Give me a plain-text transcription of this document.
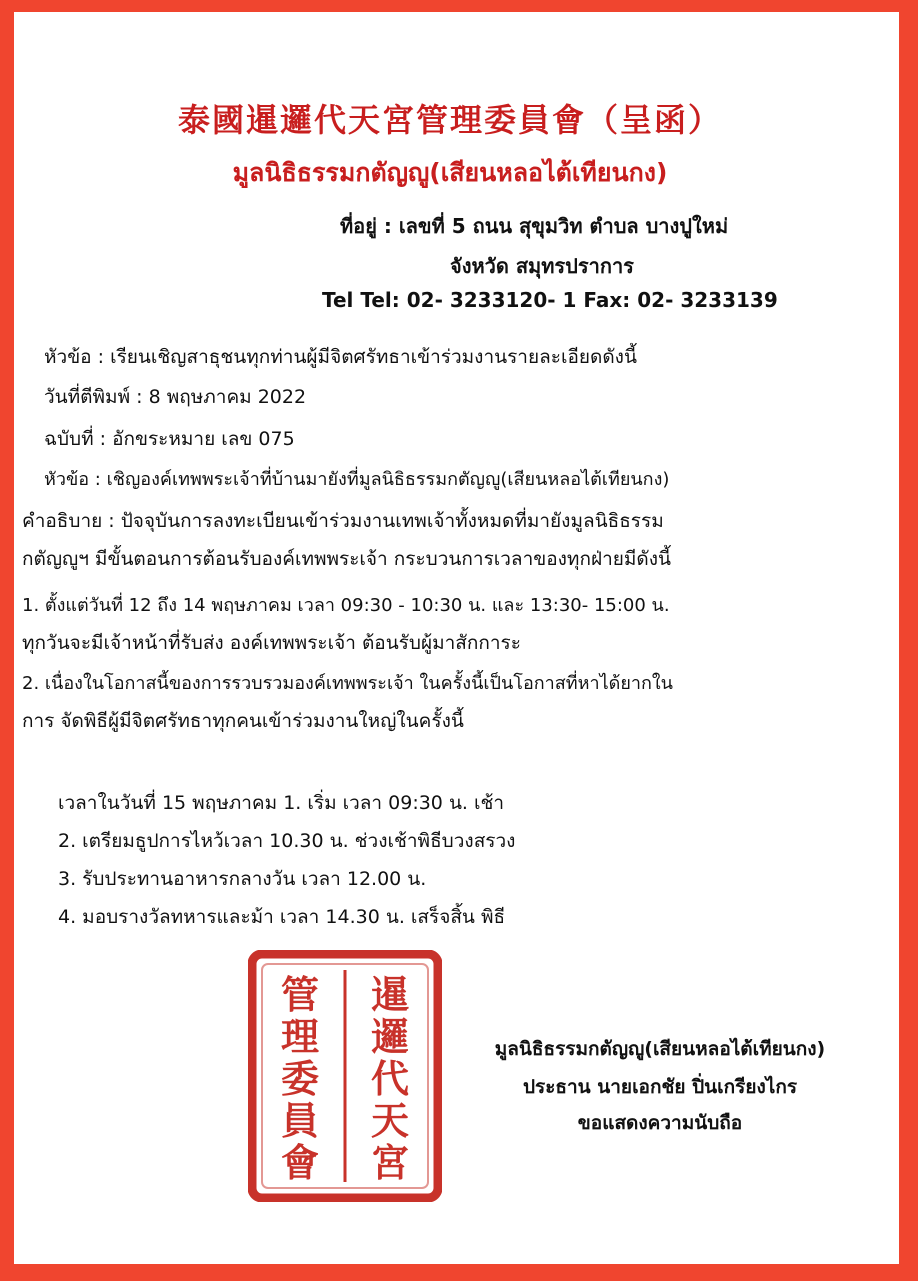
泰國暹邏代天宮管理委員會（呈函）
มูลนิธิธรรมกตัญญู(เสียนหลอไต้เทียนกง)
ที่อยู่ : เลขที่ 5 ถนน สุขุมวิท ตำบล บางปูใหม่
จังหวัด สมุทรปราการ
Tel Tel: 02- 3233120- 1 Fax: 02- 3233139
หัวข้อ : เรียนเชิญสาธุชนทุกท่านผู้มีจิตศรัทธาเข้าร่วมงานรายละเอียดดังนี้
วันที่ตีพิมพ์ : 8 พฤษภาคม 2022
ฉบับที่ : อักขระหมาย เลข 075
หัวข้อ : เชิญองค์เทพพระเจ้าที่บ้านมายังที่มูลนิธิธรรมกตัญญู(เสียนหลอไต้เทียนกง)
คำอธิบาย : ปัจจุบันการลงทะเบียนเข้าร่วมงานเทพเจ้าทั้งหมดที่มายังมูลนิธิธรรม
กตัญญูฯ มีขั้นตอนการต้อนรับองค์เทพพระเจ้า กระบวนการเวลาของทุกฝ่ายมีดังนี้
1. ตั้งแต่วันที่ 12 ถึง 14 พฤษภาคม เวลา 09:30 - 10:30 น. และ 13:30- 15:00 น.
ทุกวันจะมีเจ้าหน้าที่รับส่ง องค์เทพพระเจ้า ต้อนรับผู้มาสักการะ
2. เนื่องในโอกาสนี้ของการรวบรวมองค์เทพพระเจ้า ในครั้งนี้เป็นโอกาสที่หาได้ยากใน
การ จัดพิธีผู้มีจิตศรัทธาทุกคนเข้าร่วมงานใหญ่ในครั้งนี้
เวลาในวันที่ 15 พฤษภาคม 1. เริ่ม เวลา 09:30 น. เช้า
2. เตรียมธูปการไหว้เวลา 10.30 น. ช่วงเช้าพิธีบวงสรวง
3. รับประทานอาหารกลางวัน เวลา 12.00 น.
4. มอบรางวัลทหารและม้า เวลา 14.30 น. เสร็จสิ้น พิธี
暹
邏
代
天
宮
管
理
委
員
會
มูลนิธิธรรมกตัญญู(เสียนหลอไต้เทียนกง)
ประธาน นายเอกชัย ปิ่นเกรียงไกร
ขอแสดงความนับถือ
